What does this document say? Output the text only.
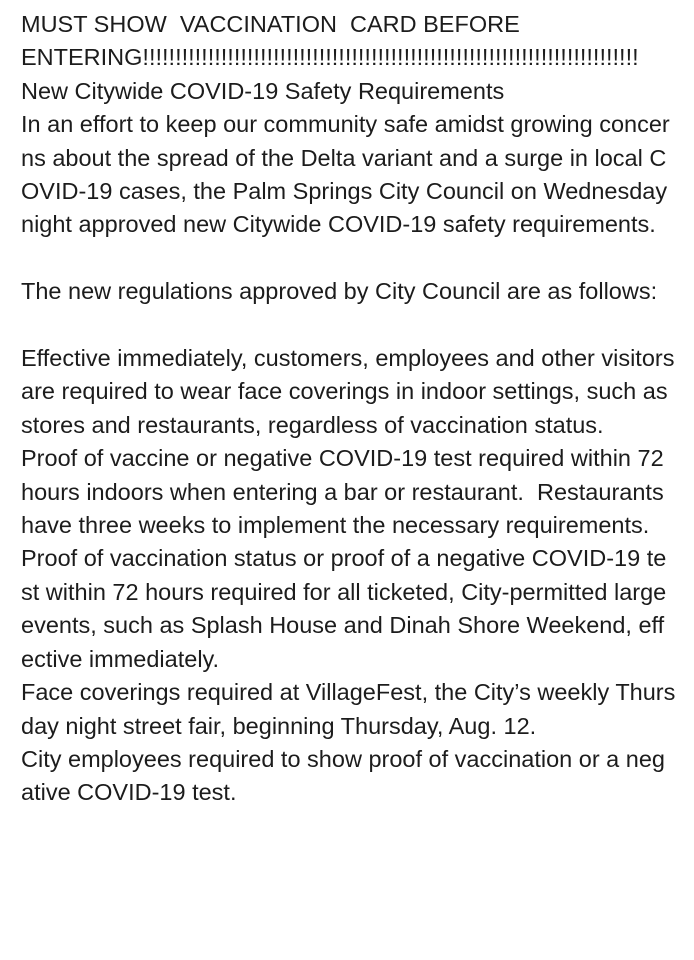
MUST SHOW  VACCINATION  CARD BEFORE

ENTERING!!!!!!!!!!!!!!!!!!!!!!!!!!!!!!!!!!!!!!!!!!!!!!!!!!!!!!!!!!!!!!!!!!!!!!!!!!!!

New Citywide COVID-19 Safety Requirements

In an effort to keep our community safe amidst growing concerns about the spread of the Delta variant and a surge in local COVID-19 cases, the Palm Springs City Council on Wednesday night approved new Citywide COVID-19 safety requirements.

The new regulations approved by City Council are as follows:

Effective immediately, customers, employees and other visitors are required to wear face coverings in indoor settings, such as stores and restaurants, regardless of vaccination status.

Proof of vaccine or negative COVID-19 test required within 72 hours indoors when entering a bar or restaurant.  Restaurants have three weeks to implement the necessary requirements.

Proof of vaccination status or proof of a negative COVID-19 test within 72 hours required for all ticketed, City-permitted large events, such as Splash House and Dinah Shore Weekend, effective immediately.

Face coverings required at VillageFest, the City’s weekly Thursday night street fair, beginning Thursday, Aug. 12.

City employees required to show proof of vaccination or a negative COVID-19 test.
